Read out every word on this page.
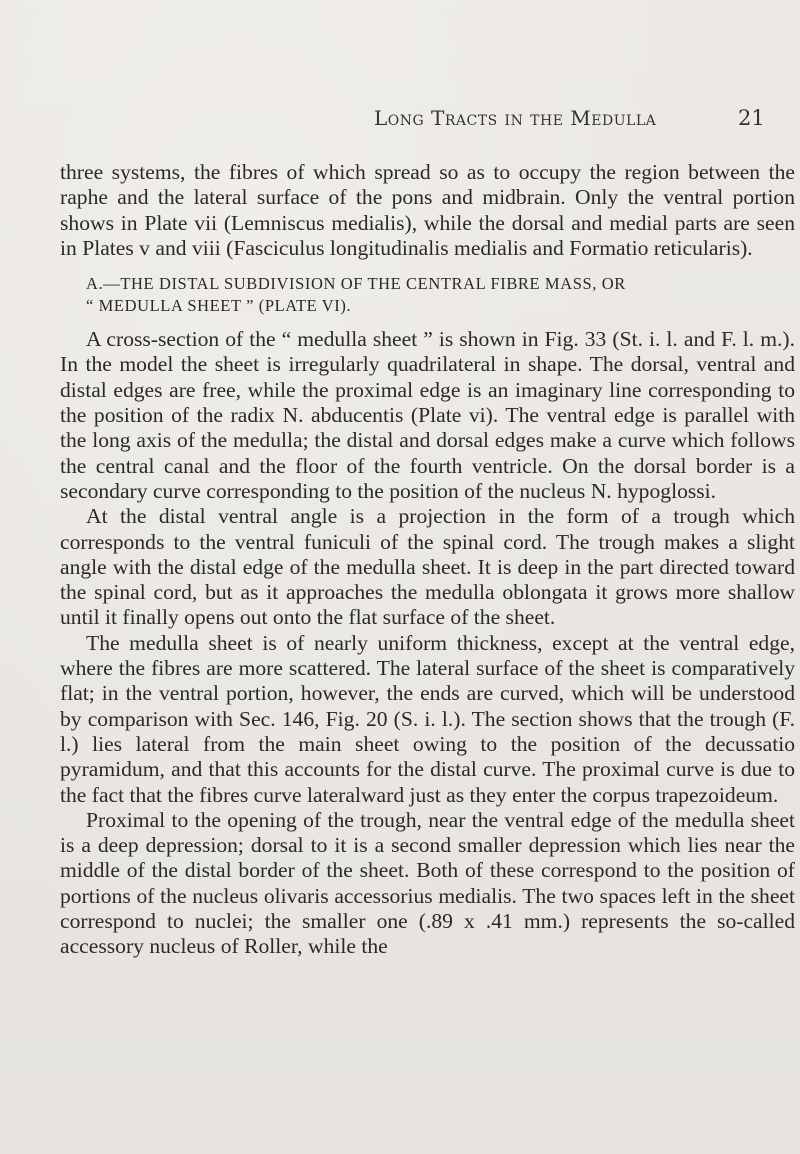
Long Tracts in the Medulla	21

three systems, the fibres of which spread so as to occupy the region between the raphe and the lateral surface of the pons and midbrain. Only the ventral portion shows in Plate vii (Lemniscus medialis), while the dorsal and medial parts are seen in Plates v and viii (Fasciculus longitudinalis medialis and Formatio reticularis).

A.—THE DISTAL SUBDIVISION OF THE CENTRAL FIBRE MASS, OR
“ MEDULLA SHEET ” (PLATE VI).

A cross-section of the “ medulla sheet ” is shown in Fig. 33 (St. i. l. and F. l. m.). In the model the sheet is irregularly quadrilateral in shape. The dorsal, ventral and distal edges are free, while the proximal edge is an imaginary line corresponding to the position of the radix N. abducentis (Plate vi). The ventral edge is parallel with the long axis of the medulla; the distal and dorsal edges make a curve which follows the central canal and the floor of the fourth ventricle. On the dorsal border is a secondary curve corresponding to the position of the nucleus N. hypoglossi.

At the distal ventral angle is a projection in the form of a trough which corresponds to the ventral funiculi of the spinal cord. The trough makes a slight angle with the distal edge of the medulla sheet. It is deep in the part directed toward the spinal cord, but as it approaches the medulla oblongata it grows more shallow until it finally opens out onto the flat surface of the sheet.

The medulla sheet is of nearly uniform thickness, except at the ventral edge, where the fibres are more scattered. The lateral surface of the sheet is comparatively flat; in the ventral portion, however, the ends are curved, which will be understood by comparison with Sec. 146, Fig. 20 (S. i. l.). The section shows that the trough (F. l.) lies lateral from the main sheet owing to the position of the decussatio pyramidum, and that this accounts for the distal curve. The proximal curve is due to the fact that the fibres curve lateralward just as they enter the corpus trapezoideum.

Proximal to the opening of the trough, near the ventral edge of the medulla sheet is a deep depression; dorsal to it is a second smaller depression which lies near the middle of the distal border of the sheet. Both of these correspond to the position of portions of the nucleus olivaris accessorius medialis. The two spaces left in the sheet correspond to nuclei; the smaller one (.89 x .41 mm.) represents the so-called accessory nucleus of Roller, while the
